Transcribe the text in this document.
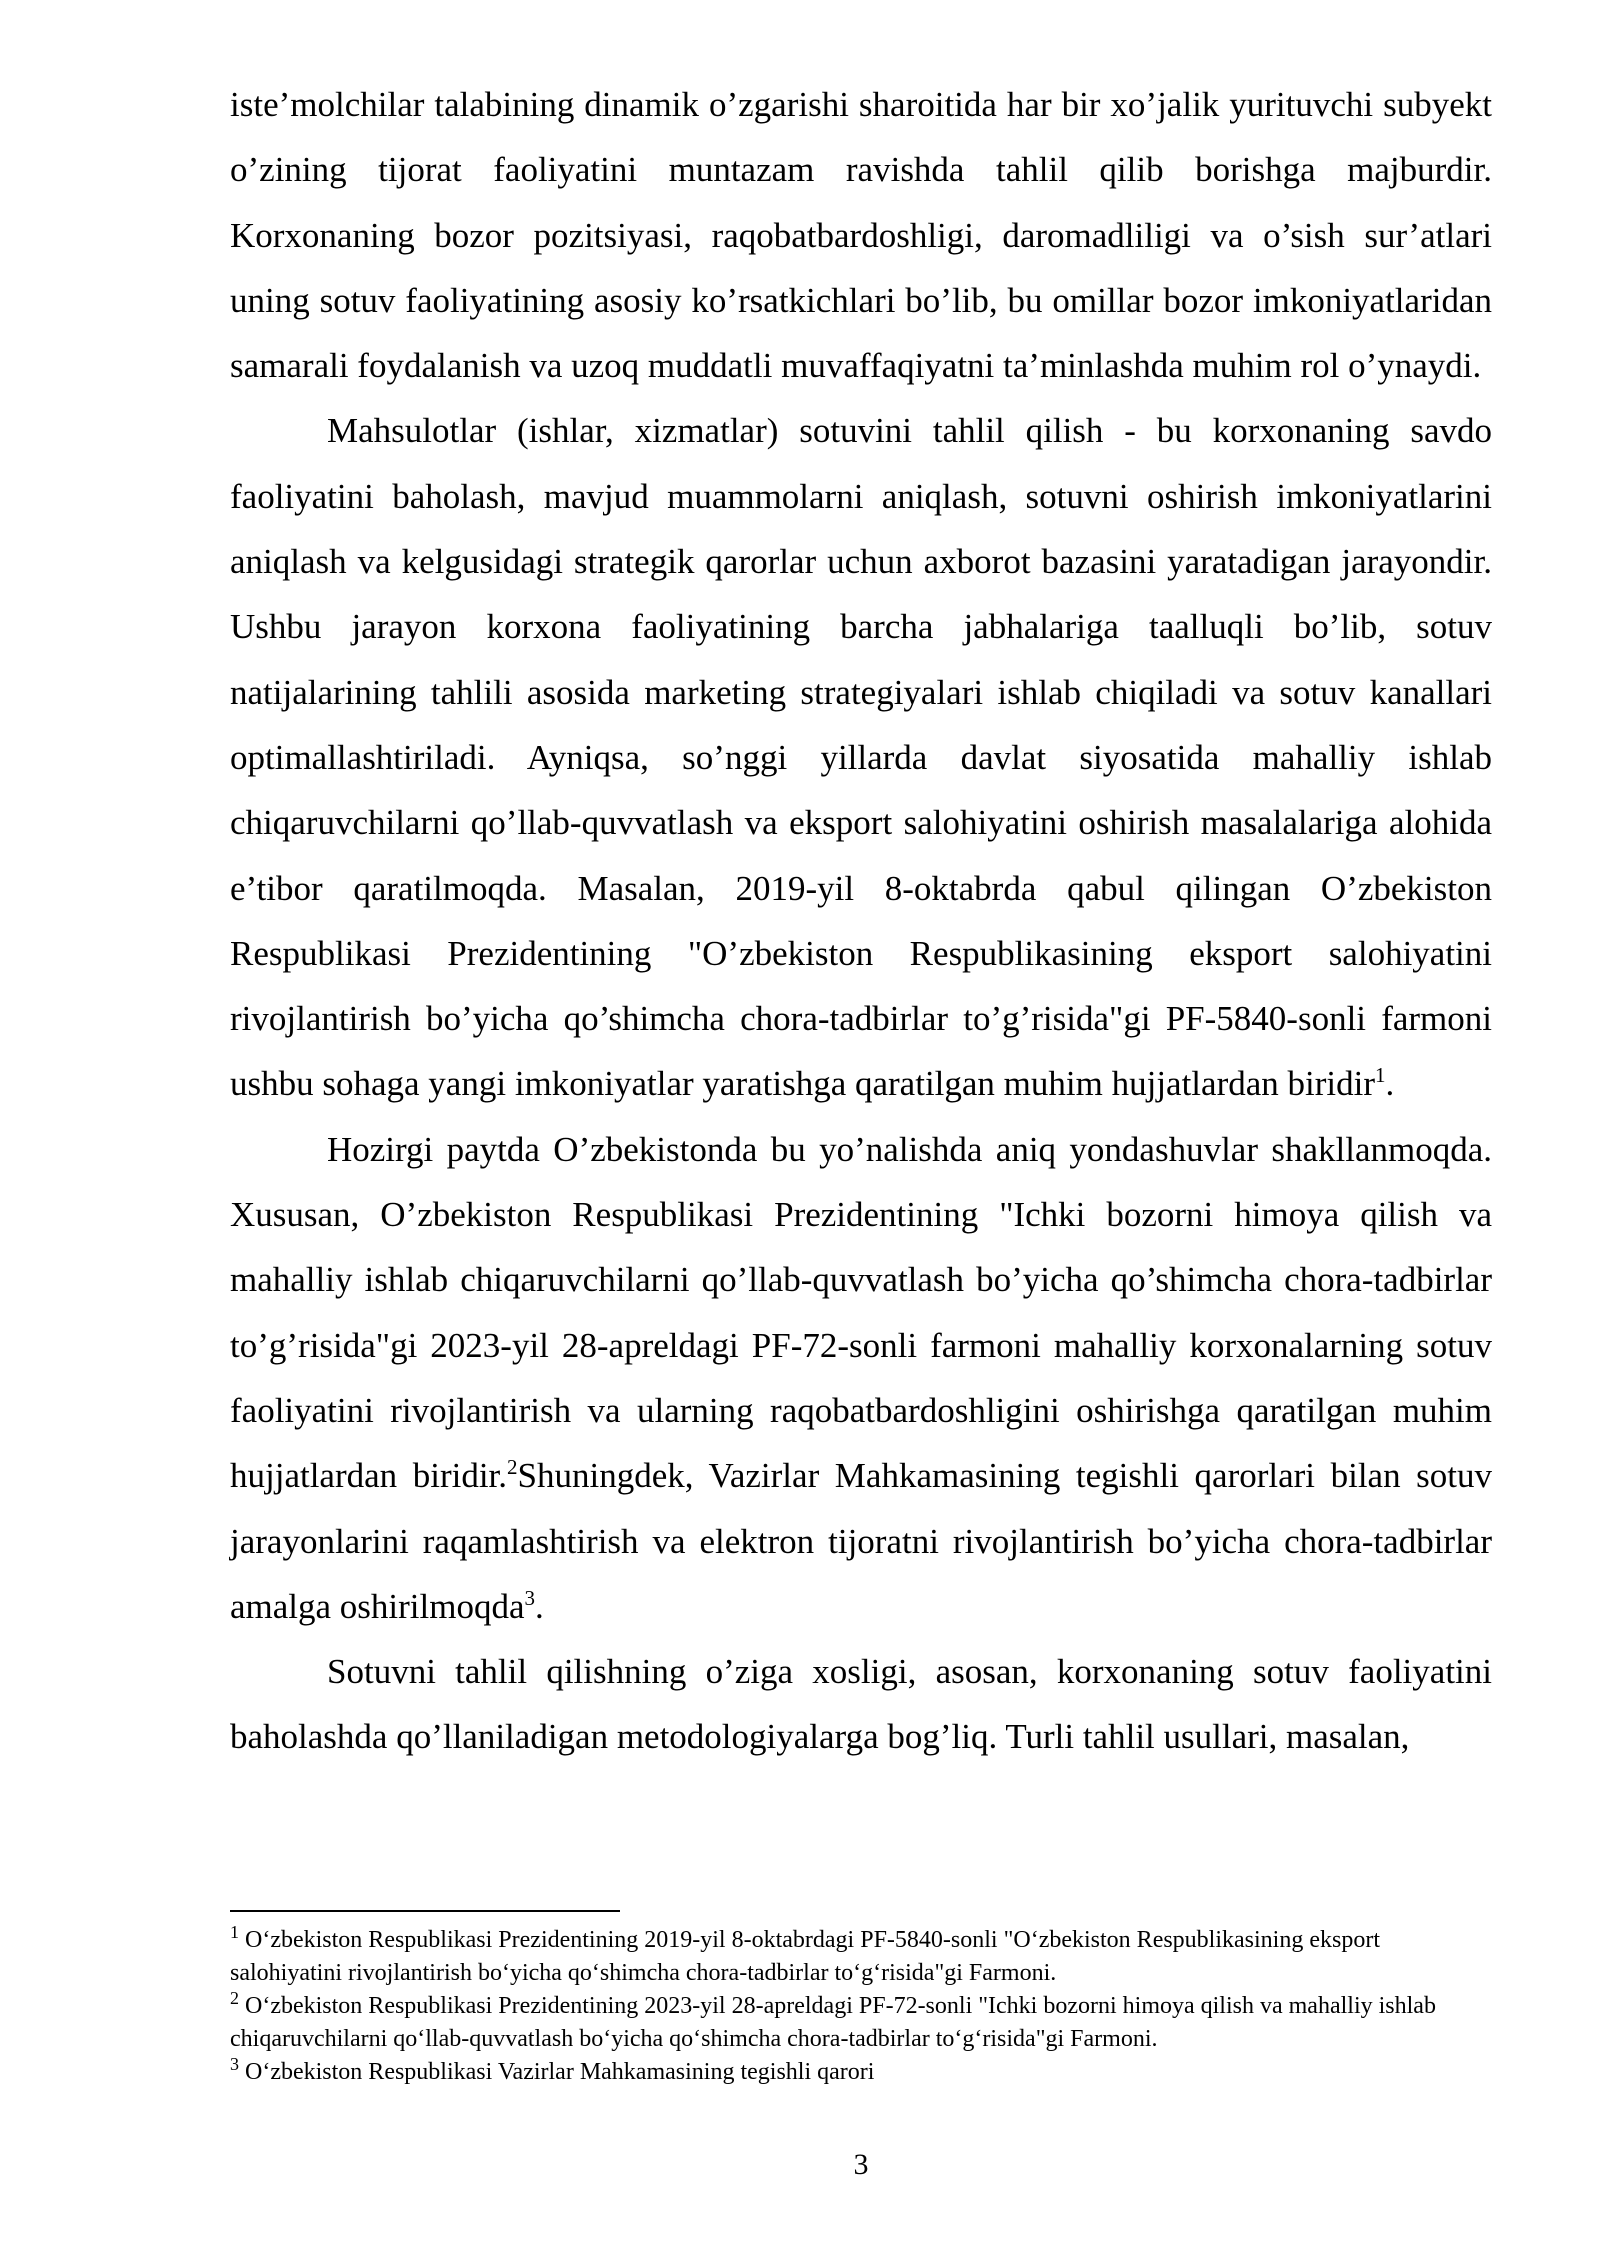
iste’molchilar talabining dinamik o’zgarishi sharoitida har bir xo’jalik yurituvchi subyekt o’zining tijorat faoliyatini muntazam ravishda tahlil qilib borishga majburdir. Korxonaning bozor pozitsiyasi, raqobatbardoshligi, daromadliligi va o’sish sur’atlari uning sotuv faoliyatining asosiy ko’rsatkichlari bo’lib, bu omillar bozor imkoniyatlaridan samarali foydalanish va uzoq muddatli muvaffaqiyatni ta’minlashda muhim rol o’ynaydi.

Mahsulotlar (ishlar, xizmatlar) sotuvini tahlil qilish - bu korxonaning savdo faoliyatini baholash, mavjud muammolarni aniqlash, sotuvni oshirish imkoniyatlarini aniqlash va kelgusidagi strategik qarorlar uchun axborot bazasini yaratadigan jarayondir. Ushbu jarayon korxona faoliyatining barcha jabhalariga taalluqli bo’lib, sotuv natijalarining tahlili asosida marketing strategiyalari ishlab chiqiladi va sotuv kanallari optimallashtiriladi. Ayniqsa, so’nggi yillarda davlat siyosatida mahalliy ishlab chiqaruvchilarni qo’llab-quvvatlash va eksport salohiyatini oshirish masalalariga alohida e’tibor qaratilmoqda. Masalan, 2019-yil 8-oktabrda qabul qilingan O’zbekiston Respublikasi Prezidentining "O’zbekiston Respublikasining eksport salohiyatini rivojlantirish bo’yicha qo’shimcha chora-tadbirlar to’g’risida"gi PF-5840-sonli farmoni ushbu sohaga yangi imkoniyatlar yaratishga qaratilgan muhim hujjatlardan biridir$^1$.

Hozirgi paytda O’zbekistonda bu yo’nalishda aniq yondashuvlar shakllanmoqda. Xususan, O’zbekiston Respublikasi Prezidentining "Ichki bozorni himoya qilish va mahalliy ishlab chiqaruvchilarni qo’llab-quvvatlash bo’yicha qo’shimcha chora-tadbirlar to’g’risida"gi 2023-yil 28-apreldagi PF-72-sonli farmoni mahalliy korxonalarning sotuv faoliyatini rivojlantirish va ularning raqobatbardoshligini oshirishga qaratilgan muhim hujjatlardan biridir.$^2$Shuningdek, Vazirlar Mahkamasining tegishli qarorlari bilan sotuv jarayonlarini raqamlashtirish va elektron tijoratni rivojlantirish bo’yicha chora-tadbirlar amalga oshirilmoqda$^3$.

Sotuvni tahlil qilishning o’ziga xosligi, asosan, korxonaning sotuv faoliyatini baholashda qo’llaniladigan metodologiyalarga bog’liq. Turli tahlil usullari, masalan,

$^1$ O‘zbekiston Respublikasi Prezidentining 2019-yil 8-oktabrdagi PF-5840-sonli "O‘zbekiston Respublikasining eksport salohiyatini rivojlantirish bo‘yicha qo‘shimcha chora-tadbirlar to‘g‘risida"gi Farmoni.

$^2$ O‘zbekiston Respublikasi Prezidentining 2023-yil 28-apreldagi PF-72-sonli "Ichki bozorni himoya qilish va mahalliy ishlab chiqaruvchilarni qo‘llab-quvvatlash bo‘yicha qo‘shimcha chora-tadbirlar to‘g‘risida"gi Farmoni.

$^3$ O‘zbekiston Respublikasi Vazirlar Mahkamasining tegishli qarori

3
